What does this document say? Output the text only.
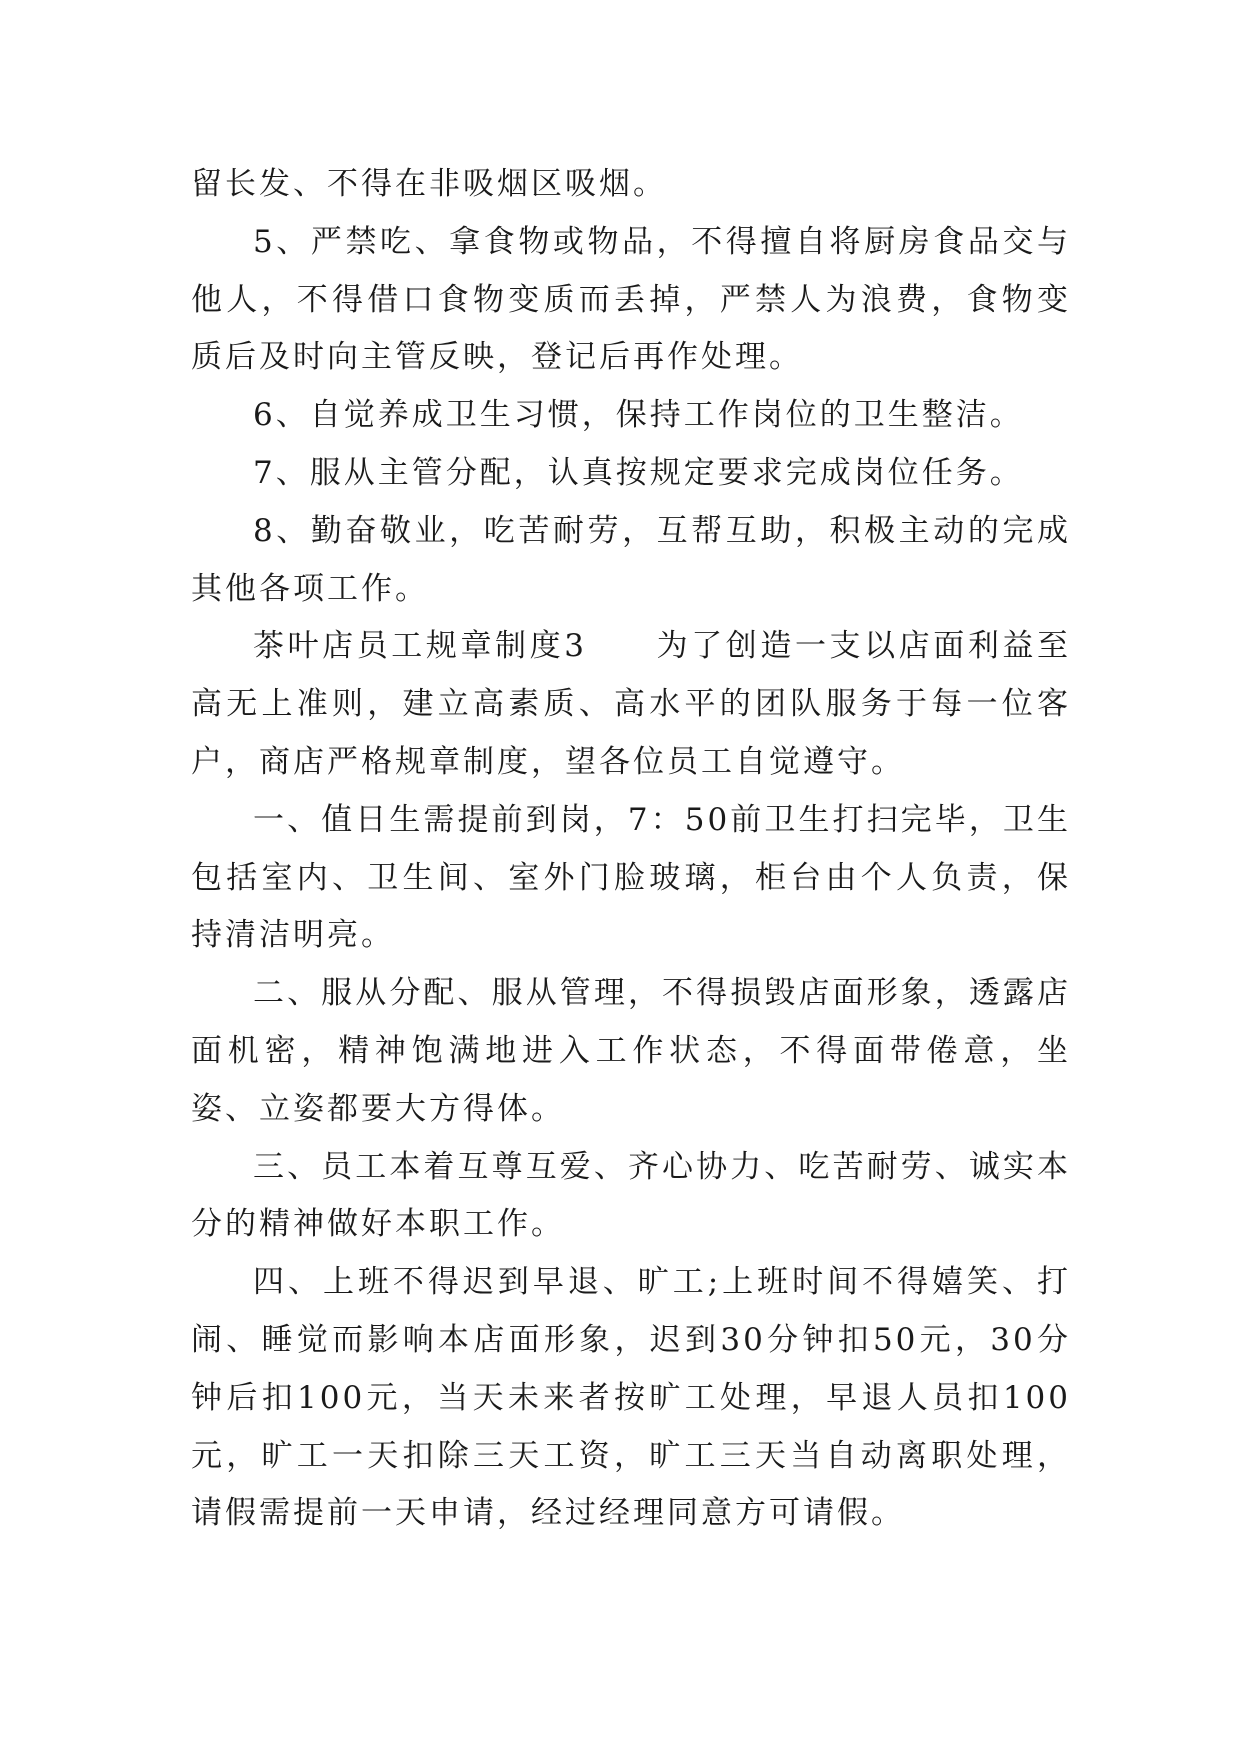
留长发、不得在非吸烟区吸烟。

5、严禁吃、拿食物或物品，不得擅自将厨房食品交与他人，不得借口食物变质而丢掉，严禁人为浪费，食物变质后及时向主管反映，登记后再作处理。

6、自觉养成卫生习惯，保持工作岗位的卫生整洁。

7、服从主管分配，认真按规定要求完成岗位任务。

8、勤奋敬业，吃苦耐劳，互帮互助，积极主动的完成其他各项工作。

茶叶店员工规章制度3　　为了创造一支以店面利益至高无上准则，建立高素质、高水平的团队服务于每一位客户，商店严格规章制度，望各位员工自觉遵守。

一、值日生需提前到岗，7：50前卫生打扫完毕，卫生包括室内、卫生间、室外门脸玻璃，柜台由个人负责，保持清洁明亮。

二、服从分配、服从管理，不得损毁店面形象，透露店面机密，精神饱满地进入工作状态，不得面带倦意，坐姿、立姿都要大方得体。

三、员工本着互尊互爱、齐心协力、吃苦耐劳、诚实本分的精神做好本职工作。

四、上班不得迟到早退、旷工;上班时间不得嬉笑、打闹、睡觉而影响本店面形象，迟到30分钟扣50元，30分钟后扣100元，当天未来者按旷工处理，早退人员扣100元，旷工一天扣除三天工资，旷工三天当自动离职处理，请假需提前一天申请，经过经理同意方可请假。
